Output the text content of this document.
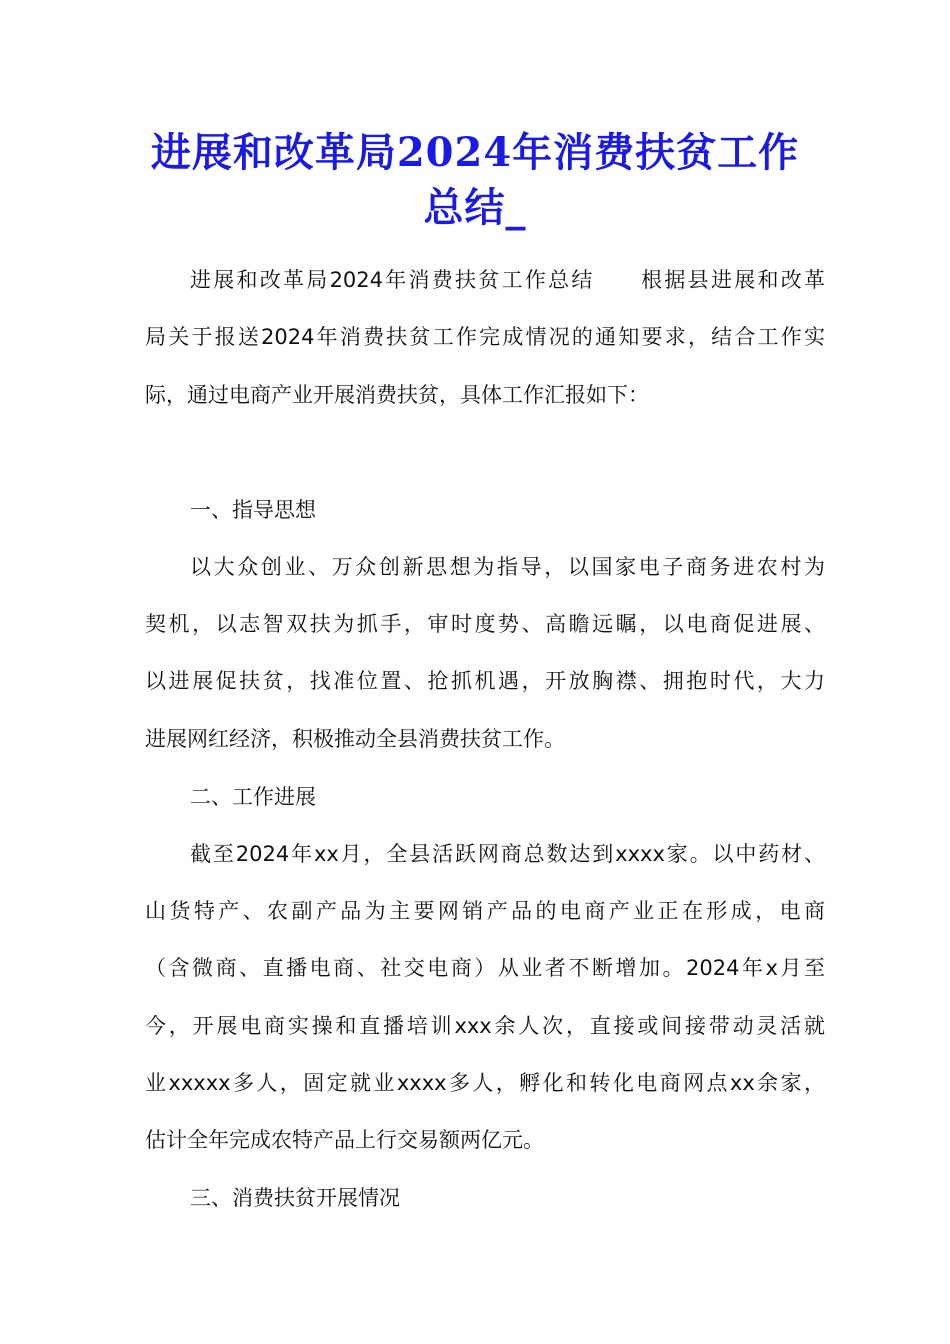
进展和改革局2024年消费扶贫工作
总结_

进展和改革局2024年消费扶贫工作总结　　根据县进展和改革

局关于报送2024年消费扶贫工作完成情况的通知要求，结合工作实

际，通过电商产业开展消费扶贫，具体工作汇报如下：

一、指导思想

以大众创业、万众创新思想为指导，以国家电子商务进农村为

契机，以志智双扶为抓手，审时度势、高瞻远瞩，以电商促进展、

以进展促扶贫，找准位置、抢抓机遇，开放胸襟、拥抱时代，大力

进展网红经济，积极推动全县消费扶贫工作。

二、工作进展

截至2024年xx月，全县活跃网商总数达到xxxx家。以中药材、

山货特产、农副产品为主要网销产品的电商产业正在形成，电商

（含微商、直播电商、社交电商）从业者不断增加。2024年x月至

今，开展电商实操和直播培训xxx余人次，直接或间接带动灵活就

业xxxxx多人，固定就业xxxx多人，孵化和转化电商网点xx余家，

估计全年完成农特产品上行交易额两亿元。

三、消费扶贫开展情况
